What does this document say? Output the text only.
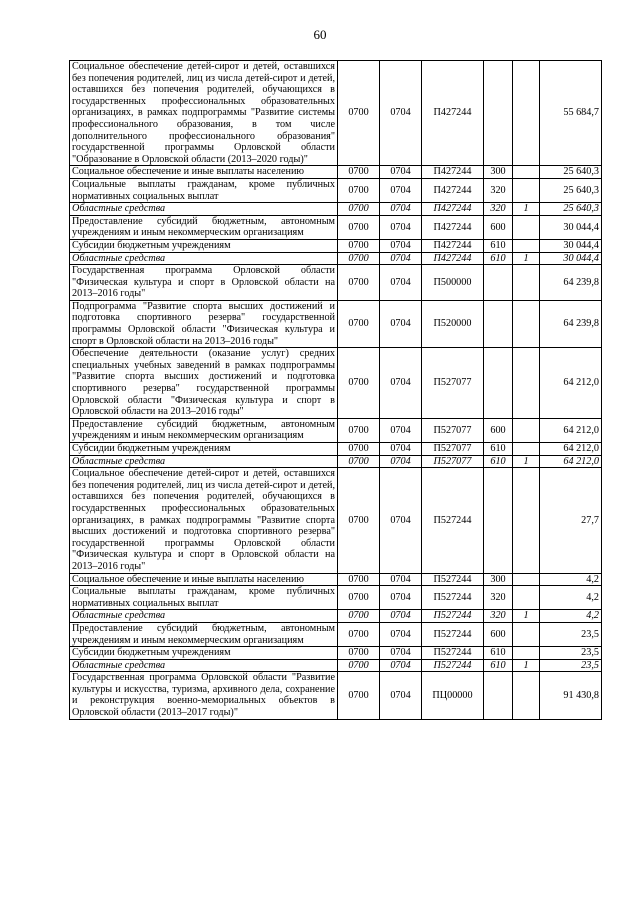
60
Социальное обеспечение детей-сирот и детей, оставшихся без попечения родителей, лиц из числа детей-сирот и детей, оставшихся без попечения родителей, обучающихся в государственных профессиональных образовательных организациях, в рамках подпрограммы "Развитие системы профессионального образования, в том числе дополнительного профессионального образования" государственной программы Орловской области "Образование в Орловской области (2013–2020 годы)"	0700	0704	П427244			55 684,7
Социальное обеспечение и иные выплаты населению	0700	0704	П427244	300		25 640,3
Социальные выплаты гражданам, кроме публичных нормативных социальных выплат	0700	0704	П427244	320		25 640,3
Областные средства	0700	0704	П427244	320	1	25 640,3
Предоставление субсидий бюджетным, автономным учреждениям и иным некоммерческим организациям	0700	0704	П427244	600		30 044,4
Субсидии бюджетным учреждениям	0700	0704	П427244	610		30 044,4
Областные средства	0700	0704	П427244	610	1	30 044,4
Государственная программа Орловской области "Физическая культура и спорт в Орловской области на 2013–2016 годы"	0700	0704	П500000			64 239,8
Подпрограмма "Развитие спорта высших достижений и подготовка спортивного резерва" государственной программы Орловской области "Физическая культура и спорт в Орловской области на 2013–2016 годы"	0700	0704	П520000			64 239,8
Обеспечение деятельности (оказание услуг) средних специальных учебных заведений в рамках подпрограммы "Развитие спорта высших достижений и подготовка спортивного резерва" государственной программы Орловской области "Физическая культура и спорт в Орловской области на 2013–2016 годы"	0700	0704	П527077			64 212,0
Предоставление субсидий бюджетным, автономным учреждениям и иным некоммерческим организациям	0700	0704	П527077	600		64 212,0
Субсидии бюджетным учреждениям	0700	0704	П527077	610		64 212,0
Областные средства	0700	0704	П527077	610	1	64 212,0
Социальное обеспечение детей-сирот и детей, оставшихся без попечения родителей, лиц из числа детей-сирот и детей, оставшихся без попечения родителей, обучающихся в государственных профессиональных образовательных организациях, в рамках подпрограммы "Развитие спорта высших достижений и подготовка спортивного резерва" государственной программы Орловской области "Физическая культура и спорт в Орловской области на 2013–2016 годы"	0700	0704	П527244			27,7
Социальное обеспечение и иные выплаты населению	0700	0704	П527244	300		4,2
Социальные выплаты гражданам, кроме публичных нормативных социальных выплат	0700	0704	П527244	320		4,2
Областные средства	0700	0704	П527244	320	1	4,2
Предоставление субсидий бюджетным, автономным учреждениям и иным некоммерческим организациям	0700	0704	П527244	600		23,5
Субсидии бюджетным учреждениям	0700	0704	П527244	610		23,5
Областные средства	0700	0704	П527244	610	1	23,5
Государственная программа Орловской области "Развитие культуры и искусства, туризма, архивного дела, сохранение и реконструкция военно-мемориальных объектов в Орловской области (2013–2017 годы)"	0700	0704	ПЦ00000			91 430,8
